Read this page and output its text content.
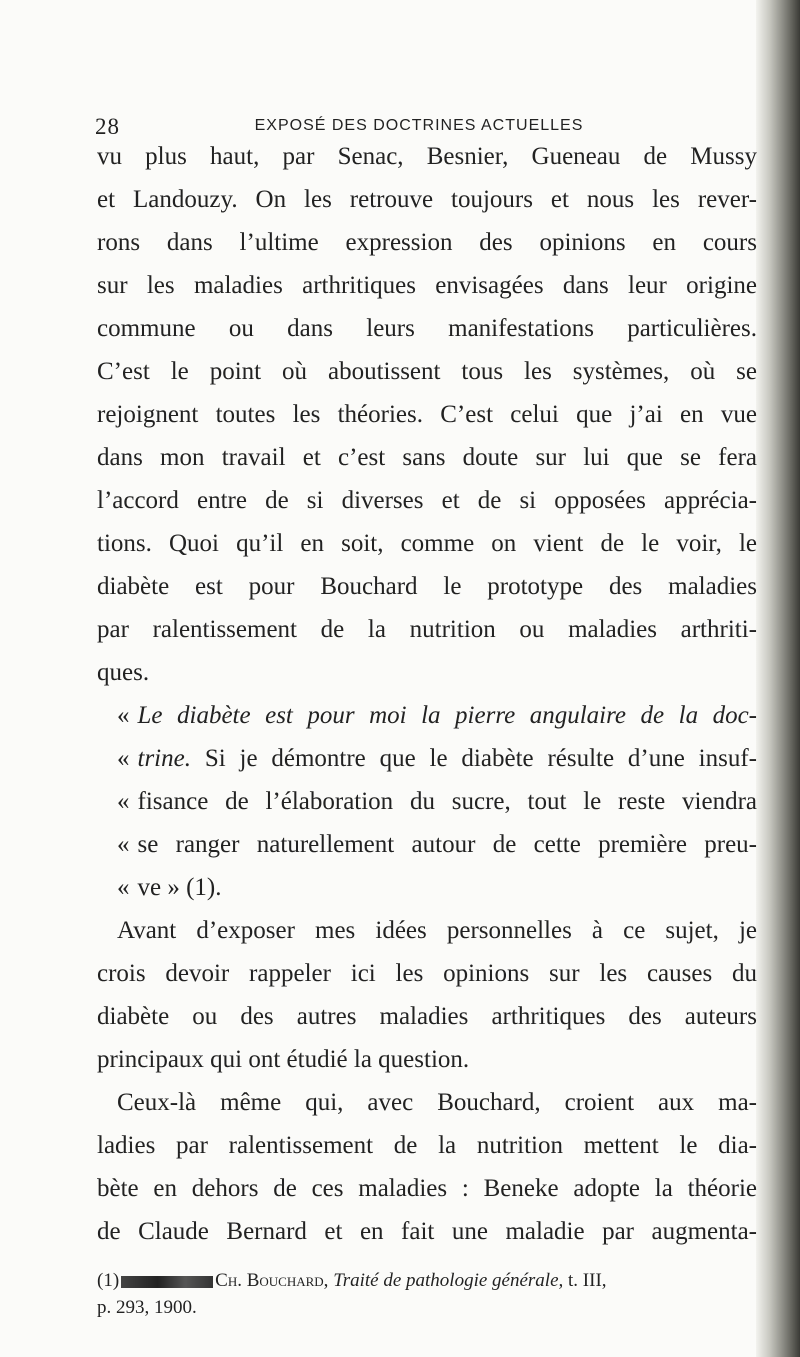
28	EXPOSÉ DES DOCTRINES ACTUELLES
vu plus haut, par Senac, Besnier, Gueneau de Mussy
et Landouzy. On les retrouve toujours et nous les rever-
rons dans l’ultime expression des opinions en cours
sur les maladies arthritiques envisagées dans leur origine
commune ou dans leurs manifestations particulières.
C’est le point où aboutissent tous les systèmes, où se
rejoignent toutes les théories. C’est celui que j’ai en vue
dans mon travail et c’est sans doute sur lui que se fera
l’accord entre de si diverses et de si opposées apprécia-
tions. Quoi qu’il en soit, comme on vient de le voir, le
diabète est pour Bouchard le prototype des maladies
par ralentissement de la nutrition ou maladies arthriti-
ques.
« Le diabète est pour moi la pierre angulaire de la doc-
« trine. Si je démontre que le diabète résulte d’une insuf-
« fisance de l’élaboration du sucre, tout le reste viendra
« se ranger naturellement autour de cette première preu-
« ve » (1).
Avant d’exposer mes idées personnelles à ce sujet, je
crois devoir rappeler ici les opinions sur les causes du
diabète ou des autres maladies arthritiques des auteurs
principaux qui ont étudié la question.
Ceux-là même qui, avec Bouchard, croient aux ma-
ladies par ralentissement de la nutrition mettent le dia-
bète en dehors de ces maladies : Beneke adopte la théorie
de Claude Bernard et en fait une maladie par augmenta-
(1)	Ch. Bouchard, Traité de pathologie générale, t. III,
p. 293, 1900.
